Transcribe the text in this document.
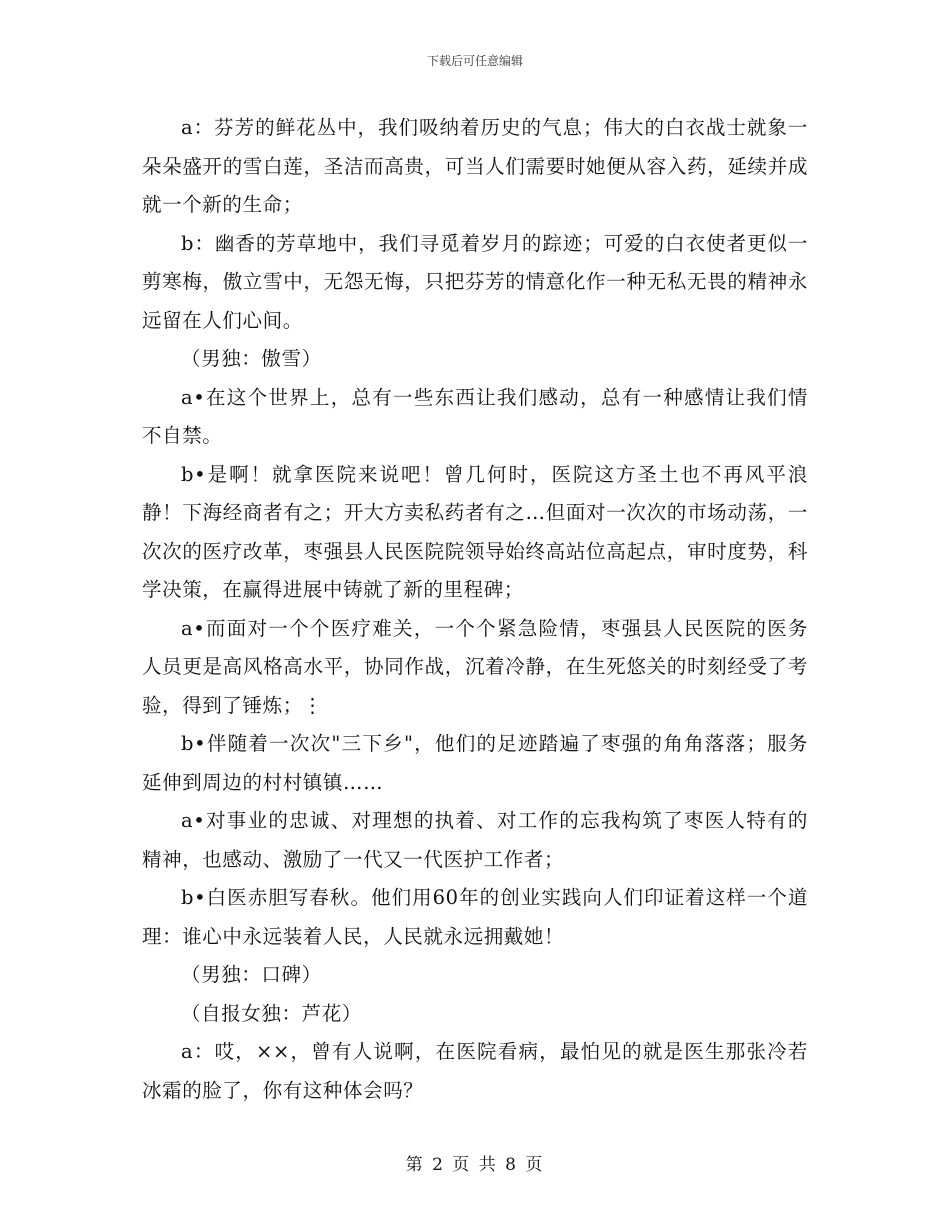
下载后可任意编辑

a：芬芳的鲜花丛中，我们吸纳着历史的气息；伟大的白衣战士就象一朵朵盛开的雪白莲，圣洁而高贵，可当人们需要时她便从容入药，延续并成就一个新的生命；

b：幽香的芳草地中，我们寻觅着岁月的踪迹；可爱的白衣使者更似一剪寒梅，傲立雪中，无怨无悔，只把芬芳的情意化作一种无私无畏的精神永远留在人们心间。

（男独：傲雪）

a•在这个世界上，总有一些东西让我们感动，总有一种感情让我们情不自禁。

b•是啊！就拿医院来说吧！曾几何时，医院这方圣土也不再风平浪静！下海经商者有之；开大方卖私药者有之…但面对一次次的市场动荡，一次次的医疗改革，枣强县人民医院院领导始终高站位高起点，审时度势，科学决策，在赢得进展中铸就了新的里程碑；

a•而面对一个个医疗难关，一个个紧急险情，枣强县人民医院的医务人员更是高风格高水平，协同作战，沉着冷静，在生死悠关的时刻经受了考验，得到了锤炼；⋮

b•伴随着一次次"三下乡"，他们的足迹踏遍了枣强的角角落落；服务延伸到周边的村村镇镇……

a•对事业的忠诚、对理想的执着、对工作的忘我构筑了枣医人特有的精神，也感动、激励了一代又一代医护工作者；

b•白医赤胆写春秋。他们用60年的创业实践向人们印证着这样一个道理：谁心中永远装着人民，人民就永远拥戴她！

（男独：口碑）

（自报女独：芦花）

a：哎，××，曾有人说啊，在医院看病，最怕见的就是医生那张冷若冰霜的脸了，你有这种体会吗？

第 2 页 共 8 页
